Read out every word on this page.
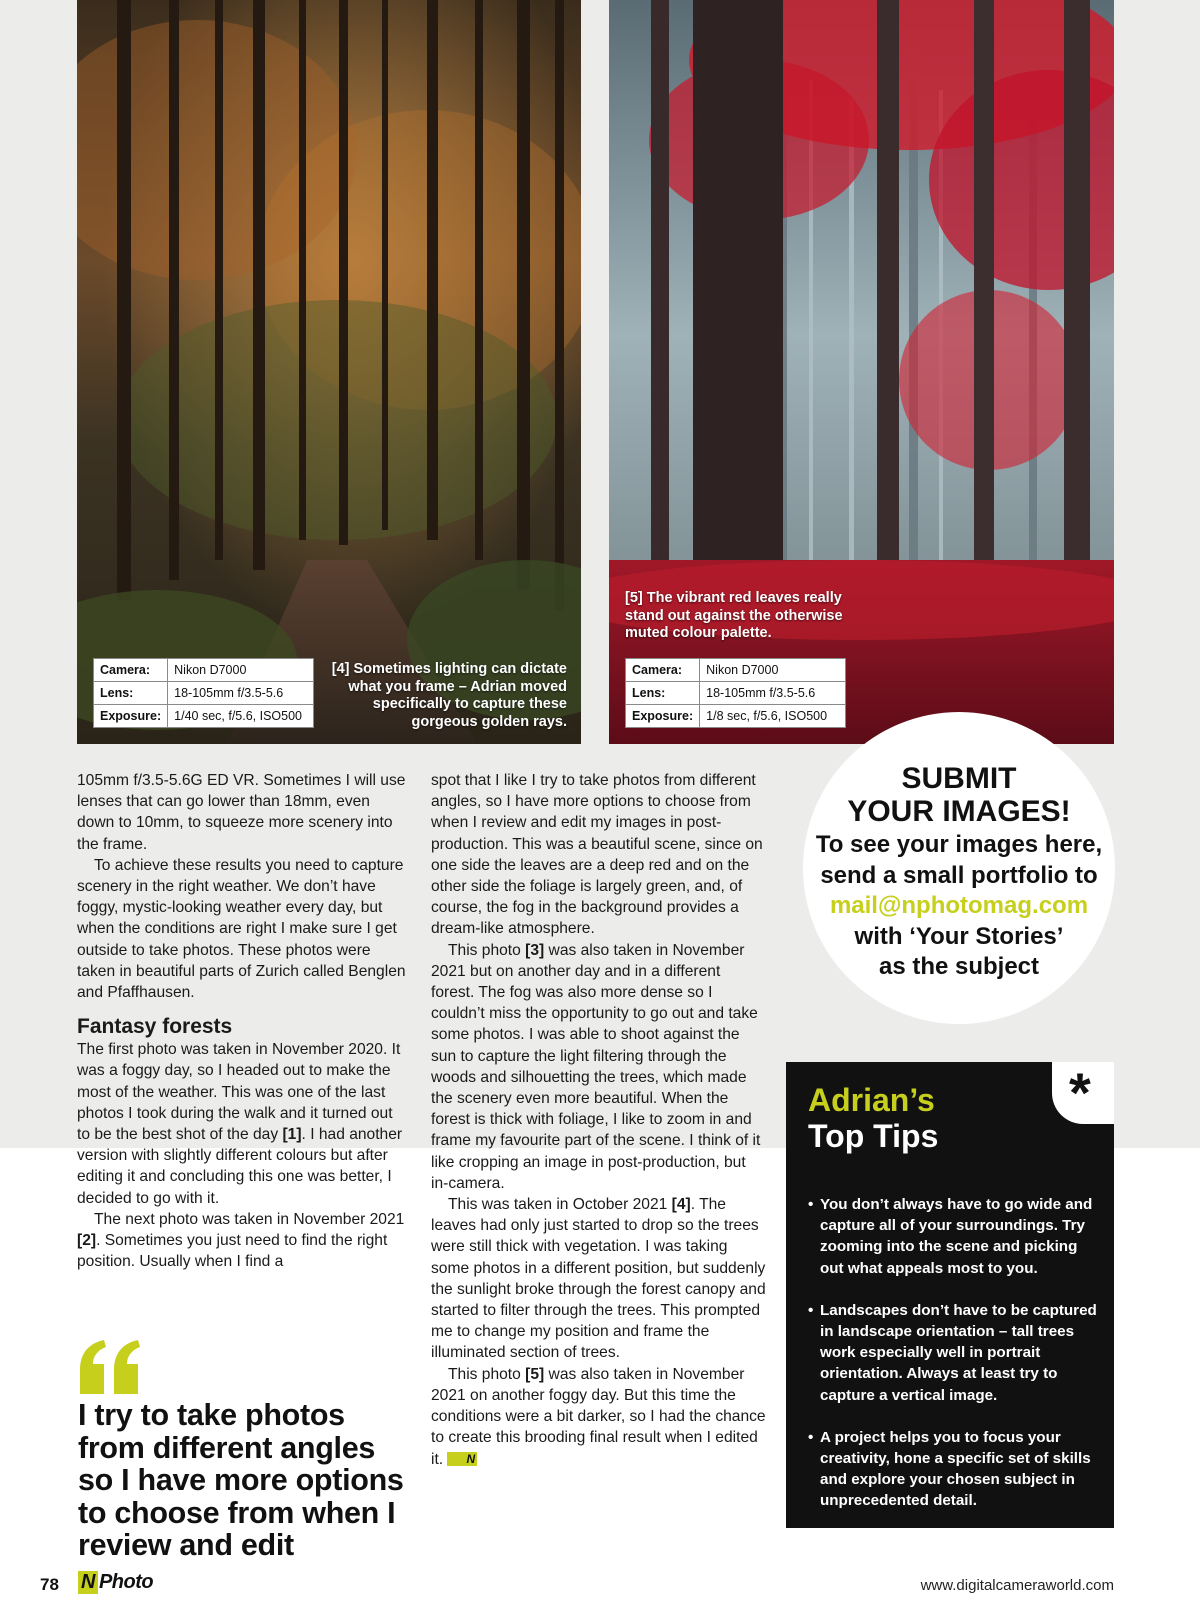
Camera:	Nikon D7000
Lens:	18-105mm f/3.5-5.6
Exposure:	1/40 sec, f/5.6, ISO500
[4] Sometimes lighting can dictate what you frame – Adrian moved specifically to capture these gorgeous golden rays.
[5] The vibrant red leaves really stand out against the otherwise muted colour palette.
Camera:	Nikon D7000
Lens:	18-105mm f/3.5-5.6
Exposure:	1/8 sec, f/5.6, ISO500

105mm f/3.5-5.6G ED VR. Sometimes I will use lenses that can go lower than 18mm, even down to 10mm, to squeeze more scenery into the frame.

To achieve these results you need to capture scenery in the right weather. We don’t have foggy, mystic-looking weather every day, but when the conditions are right I make sure I get outside to take photos. These photos were taken in beautiful parts of Zurich called Benglen and Pfaffhausen.

Fantasy forests

The first photo was taken in November 2020. It was a foggy day, so I headed out to make the most of the weather. This was one of the last photos I took during the walk and it turned out to be the best shot of the day [1]. I had another version with slightly different colours but after editing it and concluding this one was better, I decided to go with it.

The next photo was taken in November 2021 [2]. Sometimes you just need to find the right position. Usually when I find a

spot that I like I try to take photos from different angles, so I have more options to choose from when I review and edit my images in post-production. This was a beautiful scene, since on one side the leaves are a deep red and on the other side the foliage is largely green, and, of course, the fog in the background provides a dream-like atmosphere.

This photo [3] was also taken in November 2021 but on another day and in a different forest. The fog was also more dense so I couldn’t miss the opportunity to go out and take some photos. I was able to shoot against the sun to capture the light filtering through the woods and silhouetting the trees, which made the scenery even more beautiful. When the forest is thick with foliage, I like to zoom in and frame my favourite part of the scene. I think of it like cropping an image in post-production, but in-camera.

This was taken in October 2021 [4]. The leaves had only just started to drop so the trees were still thick with vegetation. I was taking some photos in a different position, but suddenly the sunlight broke through the forest canopy and started to filter through the trees. This prompted me to change my position and frame the illuminated section of trees.

This photo [5] was also taken in November 2021 on another foggy day. But this time the conditions were a bit darker, so I had the chance to create this brooding final result when I edited it. N

I try to take photos from different angles so I have more options to choose from when I review and edit
SUBMIT
YOUR IMAGES!
To see your images here,
send a small portfolio to
mail@nphotomag.com
with ‘Your Stories’
as the subject
*
Adrian’s
Top Tips
• You don’t always have to go wide and capture all of your surroundings. Try zooming into the scene and picking out what appeals most to you.
• Landscapes don’t have to be captured in landscape orientation – tall trees work especially well in portrait orientation. Always at least try to capture a vertical image.
• A project helps you to focus your creativity, hone a specific set of skills and explore your chosen subject in unprecedented detail.
78 N Photo	www.digitalcameraworld.com
